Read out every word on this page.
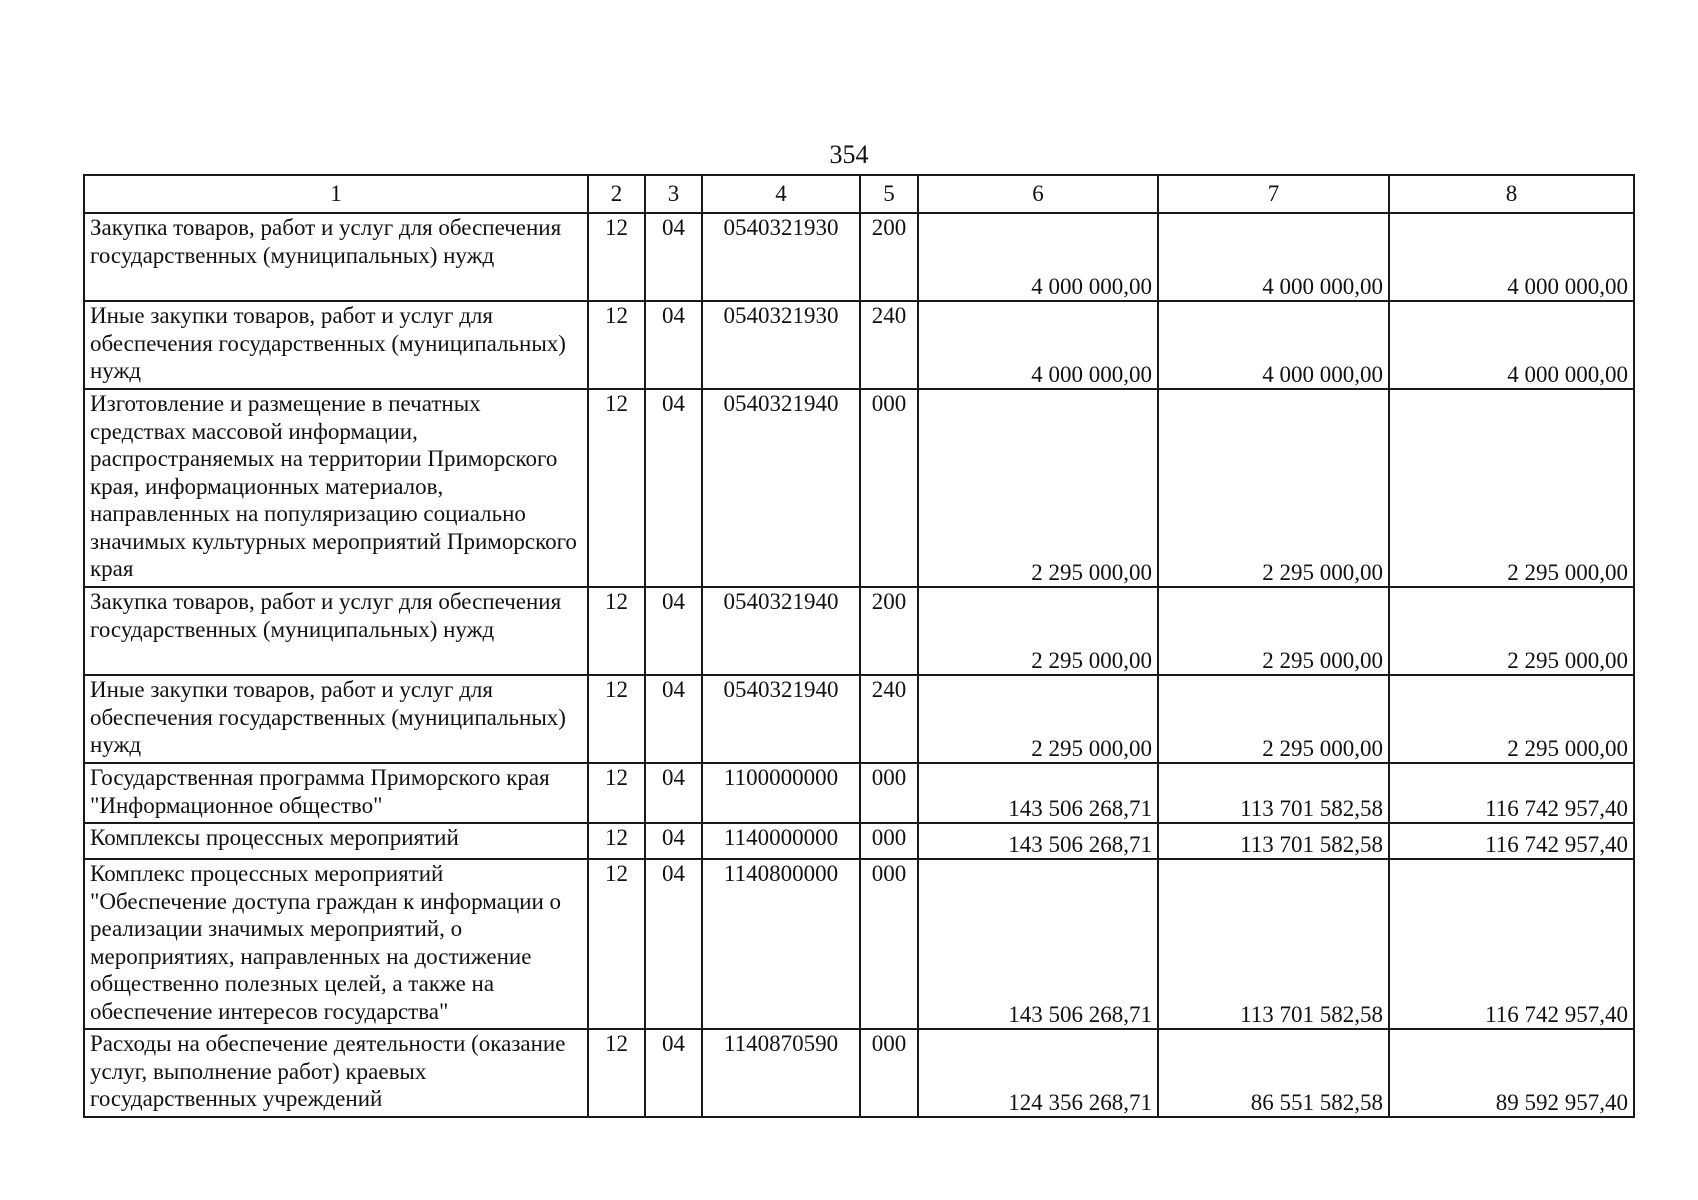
354
1	2	3	4	5	6	7	8
Закупка товаров, работ и услуг для обеспечения государственных (муниципальных) нужд	12	04	0540321930	200	4 000 000,00	4 000 000,00	4 000 000,00
Иные закупки товаров, работ и услуг для обеспечения государственных (муниципальных) нужд	12	04	0540321930	240	4 000 000,00	4 000 000,00	4 000 000,00
Изготовление и размещение в печатных средствах массовой информации, распространяемых на территории Приморского края, информационных материалов, направленных на популяризацию социально значимых культурных мероприятий Приморского края	12	04	0540321940	000	2 295 000,00	2 295 000,00	2 295 000,00
Закупка товаров, работ и услуг для обеспечения государственных (муниципальных) нужд	12	04	0540321940	200	2 295 000,00	2 295 000,00	2 295 000,00
Иные закупки товаров, работ и услуг для обеспечения государственных (муниципальных) нужд	12	04	0540321940	240	2 295 000,00	2 295 000,00	2 295 000,00
Государственная программа Приморского края "Информационное общество"	12	04	1100000000	000	143 506 268,71	113 701 582,58	116 742 957,40
Комплексы процессных мероприятий	12	04	1140000000	000	143 506 268,71	113 701 582,58	116 742 957,40
Комплекс процессных мероприятий "Обеспечение доступа граждан к информации о реализации значимых мероприятий, о мероприятиях, направленных на достижение общественно полезных целей, а также на обеспечение интересов государства"	12	04	1140800000	000	143 506 268,71	113 701 582,58	116 742 957,40
Расходы на обеспечение деятельности (оказание услуг, выполнение работ) краевых государственных учреждений	12	04	1140870590	000	124 356 268,71	86 551 582,58	89 592 957,40
